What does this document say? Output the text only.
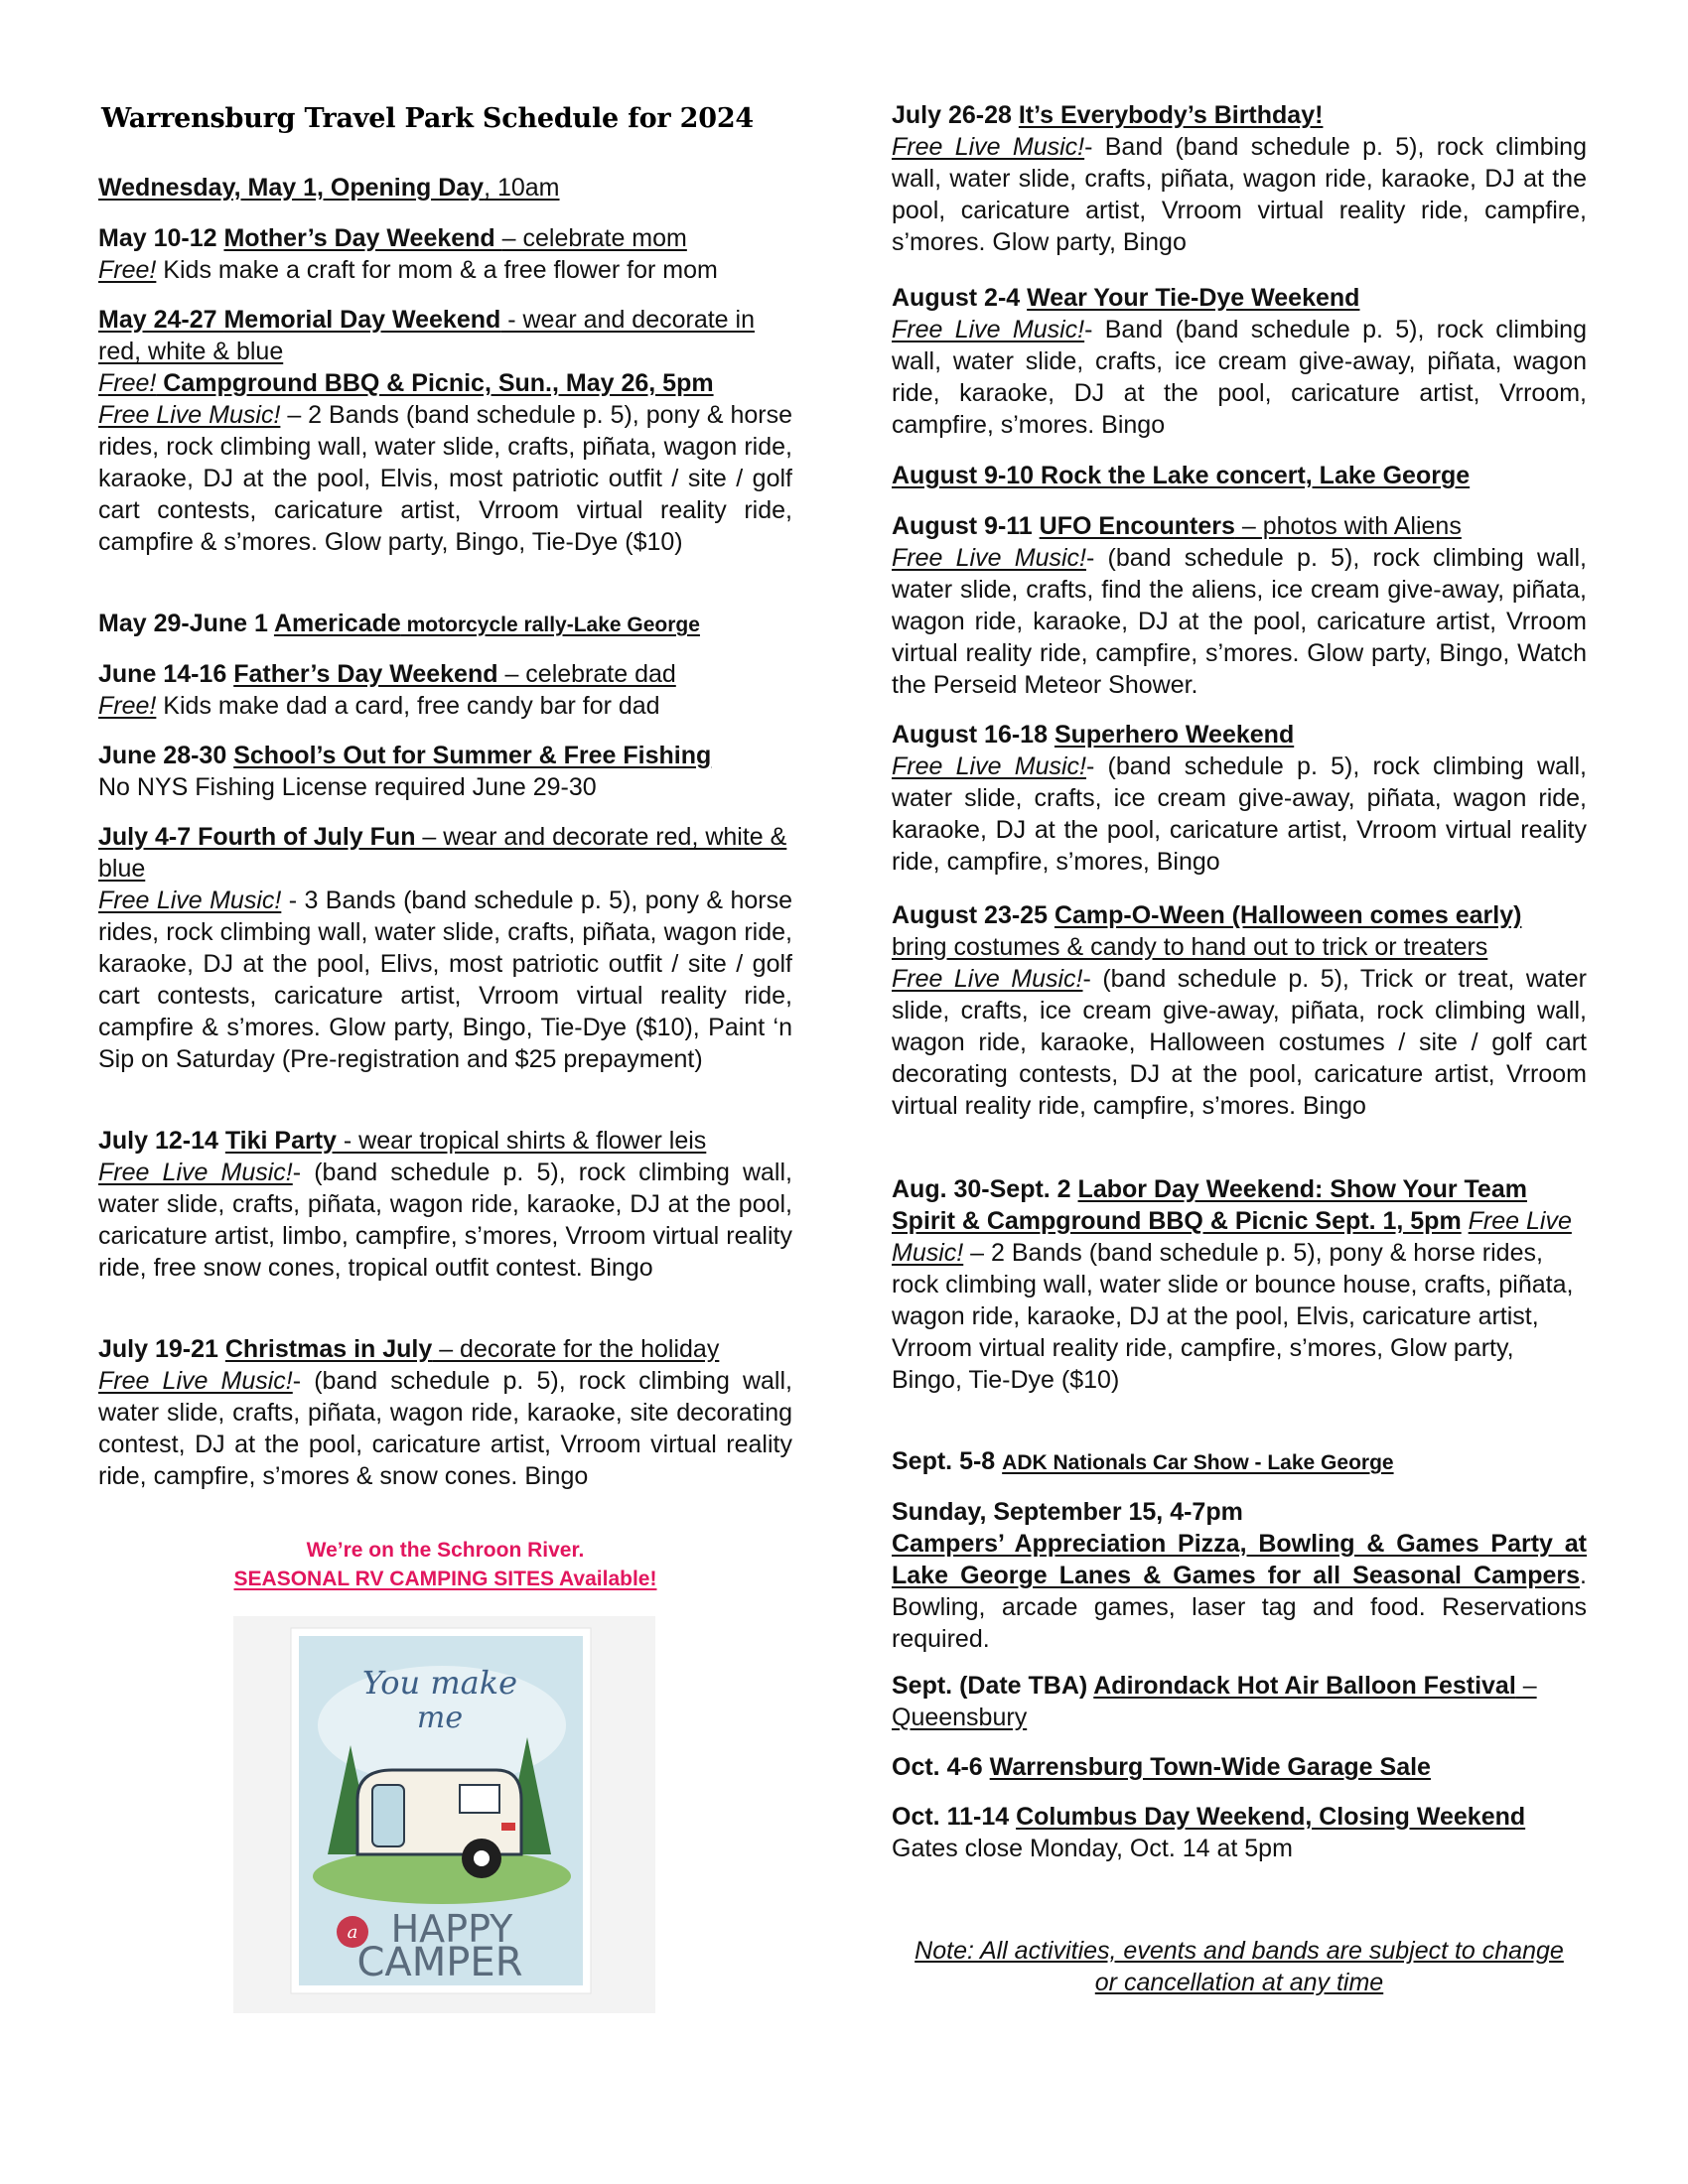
Warrensburg Travel Park Schedule for 2024

Wednesday, May 1, Opening Day, 10am

May 10-12 Mother’s Day Weekend – celebrate mom

Free! Kids make a craft for mom & a free flower for mom

May 24-27 Memorial Day Weekend - wear and decorate in red, white & blue

Free! Campground BBQ & Picnic, Sun., May 26, 5pm

Free Live Music! – 2 Bands (band schedule p. 5), pony & horse rides, rock climbing wall, water slide, crafts, piñata, wagon ride, karaoke, DJ at the pool, Elvis, most patriotic outfit / site / golf cart contests, caricature artist, Vrroom virtual reality ride, campfire & s’mores. Glow party, Bingo, Tie-Dye ($10)

May 29-June 1 Americade motorcycle rally-Lake George

June 14-16 Father’s Day Weekend – celebrate dad

Free! Kids make dad a card, free candy bar for dad

June 28-30 School’s Out for Summer & Free Fishing

No NYS Fishing License required June 29-30

July 4-7 Fourth of July Fun – wear and decorate red, white & blue

Free Live Music! - 3 Bands (band schedule p. 5), pony & horse rides, rock climbing wall, water slide, crafts, piñata, wagon ride, karaoke, DJ at the pool, Elivs, most patriotic outfit / site / golf cart contests, caricature artist, Vrroom virtual reality ride, campfire & s’mores. Glow party, Bingo, Tie-Dye ($10), Paint ‘n Sip on Saturday (Pre-registration and $25 prepayment)

July 12-14 Tiki Party - wear tropical shirts & flower leis

Free Live Music!- (band schedule p. 5), rock climbing wall, water slide, crafts, piñata, wagon ride, karaoke, DJ at the pool, caricature artist, limbo, campfire, s’mores, Vrroom virtual reality ride, free snow cones, tropical outfit contest. Bingo

July 19-21 Christmas in July – decorate for the holiday

Free Live Music!- (band schedule p. 5), rock climbing wall, water slide, crafts, piñata, wagon ride, karaoke, site decorating contest, DJ at the pool, caricature artist, Vrroom virtual reality ride, campfire, s’mores & snow cones. Bingo

We’re on the Schroon River.

SEASONAL RV CAMPING SITES Available!

You make
me
a HAPPY
CAMPER

July 26-28 It’s Everybody’s Birthday!

Free Live Music!- Band (band schedule p. 5), rock climbing wall, water slide, crafts, piñata, wagon ride, karaoke, DJ at the pool, caricature artist, Vrroom virtual reality ride, campfire, s’mores. Glow party, Bingo

August 2-4 Wear Your Tie-Dye Weekend

Free Live Music!- Band (band schedule p. 5), rock climbing wall, water slide, crafts, ice cream give-away, piñata, wagon ride, karaoke, DJ at the pool, caricature artist, Vrroom, campfire, s’mores. Bingo

August 9-10 Rock the Lake concert, Lake George

August 9-11 UFO Encounters – photos with Aliens

Free Live Music!- (band schedule p. 5), rock climbing wall, water slide, crafts, find the aliens, ice cream give-away, piñata, wagon ride, karaoke, DJ at the pool, caricature artist, Vrroom virtual reality ride, campfire, s’mores. Glow party, Bingo, Watch the Perseid Meteor Shower.

August 16-18 Superhero Weekend

Free Live Music!- (band schedule p. 5), rock climbing wall, water slide, crafts, ice cream give-away, piñata, wagon ride, karaoke, DJ at the pool, caricature artist, Vrroom virtual reality ride, campfire, s’mores, Bingo

August 23-25 Camp-O-Ween (Halloween comes early)

bring costumes & candy to hand out to trick or treaters

Free Live Music!- (band schedule p. 5), Trick or treat, water slide, crafts, ice cream give-away, piñata, rock climbing wall, wagon ride, karaoke, Halloween costumes / site / golf cart decorating contests, DJ at the pool, caricature artist, Vrroom virtual reality ride, campfire, s’mores. Bingo

Aug. 30-Sept. 2 Labor Day Weekend: Show Your Team Spirit & Campground BBQ & Picnic Sept. 1, 5pm Free Live Music! – 2 Bands (band schedule p. 5), pony & horse rides, rock climbing wall, water slide or bounce house, crafts, piñata, wagon ride, karaoke, DJ at the pool, Elvis, caricature artist, Vrroom virtual reality ride, campfire, s’mores, Glow party, Bingo, Tie-Dye ($10)

Sept. 5-8 ADK Nationals Car Show - Lake George

Sunday, September 15, 4-7pm

Campers’ Appreciation Pizza, Bowling & Games Party at Lake George Lanes & Games for all Seasonal Campers. Bowling, arcade games, laser tag and food. Reservations required.

Sept. (Date TBA) Adirondack Hot Air Balloon Festival – Queensbury

Oct. 4-6 Warrensburg Town-Wide Garage Sale

Oct. 11-14 Columbus Day Weekend, Closing Weekend

Gates close Monday, Oct. 14 at 5pm

Note: All activities, events and bands are subject to change or cancellation at any time
